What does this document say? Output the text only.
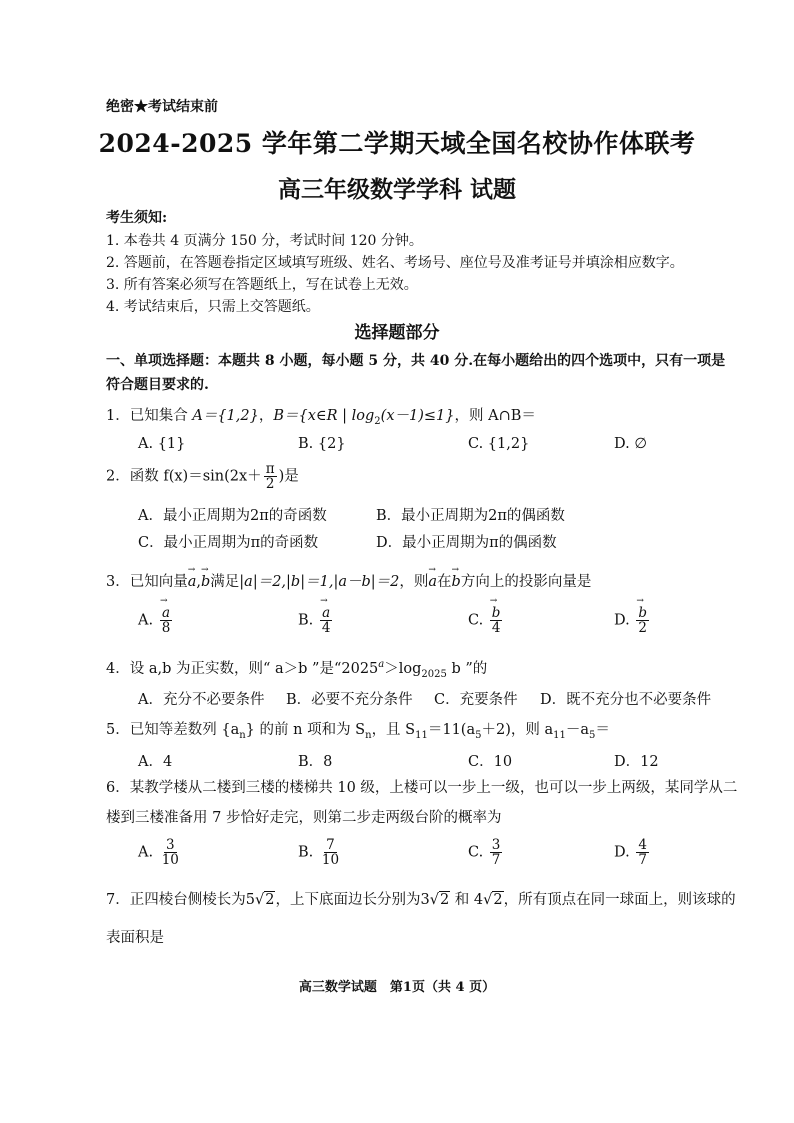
绝密★考试结束前
2024-2025 学年第二学期天域全国名校协作体联考
高三年级数学学科 试题
考生须知:
1. 本卷共 4 页满分 150 分，考试时间 120 分钟。
2. 答题前，在答题卷指定区域填写班级、姓名、考场号、座位号及准考证号并填涂相应数字。
3. 所有答案必须写在答题纸上，写在试卷上无效。
4. 考试结束后，只需上交答题纸。
选择题部分
一、单项选择题：本题共 8 小题，每小题 5 分，共 40 分.在每小题给出的四个选项中，只有一项是
符合题目要求的.
1．已知集合 A＝{1,2}，B＝{x∈R | $\log_2(x-1)\le 1$}，则 A∩B＝
A. {1}	B. {2}	C. {1,2}	D. ∅
2．函数 $f(x)=\sin(2x+ \frac{\pi}{2}$ )是
A．最小正周期为2π的奇函数	B．最小正周期为2π的偶函数
C．最小正周期为π的奇函数	D．最小正周期为π的偶函数
3．已知向量→ a,→ b满足|a|＝2,|b|＝1,|a－b|＝2，则→ a在→ b方向上的投影向量是
A. → $\frac{a}{8}$	B. → $\frac{a}{4}$	C. → $\frac{b}{4}$	D. → $\frac{b}{2}$
4．设 a,b 为正实数，则“ a＞b ”是“$2025^a>\log_{2025}$ b ”的
A．充分不必要条件 B．必要不充分条件 C．充要条件 D．既不充分也不必要条件
5．已知等差数列 $\{a_n\}$ 的前 n 项和为 $S_n$，且 $S_{11}=11(a_5+2)$，则 $a_{11}-a_5=$
A．4	B．8	C．10	D．12
6．某教学楼从二楼到三楼的楼梯共 10 级，上楼可以一步上一级，也可以一步上两级，某同学从二
楼到三楼准备用 7 步恰好走完，则第二步走两级台阶的概率为
A. $\frac{3}{10}$	B. $\frac{7}{10}$	C. $\frac{3}{7}$	D. $\frac{4}{7}$
7．正四棱台侧棱长为5√2，上下底面边长分别为3√2 和 4√2，所有顶点在同一球面上，则该球的
表面积是
高三数学试题　第1页（共 4 页）
